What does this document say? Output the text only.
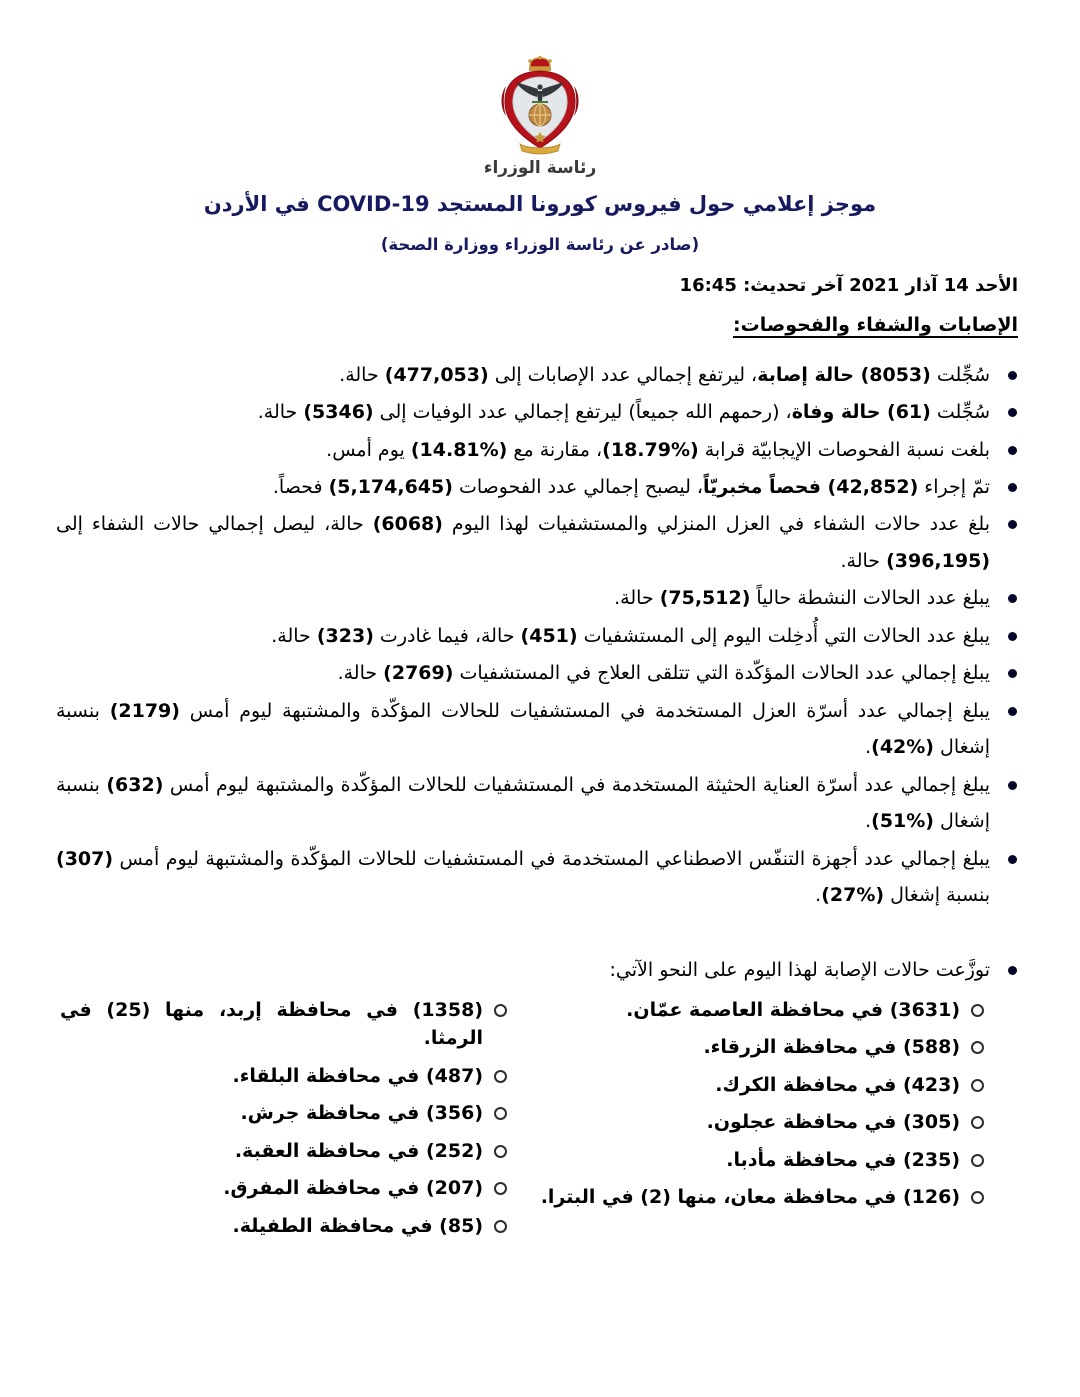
رئاسة الوزراء
موجز إعلامي حول فيروس كورونا المستجد ⁦COVID-19⁩ في الأردن
(صادر عن رئاسة الوزراء ووزارة الصحة)
الأحد 14 آذار 2021 آخر تحديث: 16:45
الإصابات والشفاء والفحوصات:
سُجِّلت (8053) حالة إصابة، ليرتفع إجمالي عدد الإصابات إلى (477,053) حالة.
سُجِّلت (61) حالة وفاة، (رحمهم الله جميعاً) ليرتفع إجمالي عدد الوفيات إلى (5346) حالة.
بلغت نسبة الفحوصات الإيجابيّة قرابة (%18.79)، مقارنة مع (%14.81) يوم أمس.
تمّ إجراء (42,852) فحصاً مخبريّاً، ليصبح إجمالي عدد الفحوصات (5,174,645) فحصاً.
بلغ عدد حالات الشفاء في العزل المنزلي والمستشفيات لهذا اليوم (6068) حالة، ليصل إجمالي حالات الشفاء إلى (396,195) حالة.
يبلغ عدد الحالات النشطة حالياً (75,512) حالة.
يبلغ عدد الحالات التي أُدخِلت اليوم إلى المستشفيات (451) حالة، فيما غادرت (323) حالة.
يبلغ إجمالي عدد الحالات المؤكّدة التي تتلقى العلاج في المستشفيات (2769) حالة.
يبلغ إجمالي عدد أسرّة العزل المستخدمة في المستشفيات للحالات المؤكّدة والمشتبهة ليوم أمس (2179) بنسبة إشغال (%42).
يبلغ إجمالي عدد أسرّة العناية الحثيثة المستخدمة في المستشفيات للحالات المؤكّدة والمشتبهة ليوم أمس (632) بنسبة إشغال (%51).
يبلغ إجمالي عدد أجهزة التنفّس الاصطناعي المستخدمة في المستشفيات للحالات المؤكّدة والمشتبهة ليوم أمس (307) بنسبة إشغال (%27).
توزَّعت حالات الإصابة لهذا اليوم على النحو الآتي:
(3631) في محافظة العاصمة عمّان.
(588) في محافظة الزرقاء.
(423) في محافظة الكرك.
(305) في محافظة عجلون.
(235) في محافظة مأدبا.
(126) في محافظة معان، منها (2) في البترا.
(1358) في محافظة إربد، منها (25) في الرمثا.
(487) في محافظة البلقاء.
(356) في محافظة جرش.
(252) في محافظة العقبة.
(207) في محافظة المفرق.
(85) في محافظة الطفيلة.
